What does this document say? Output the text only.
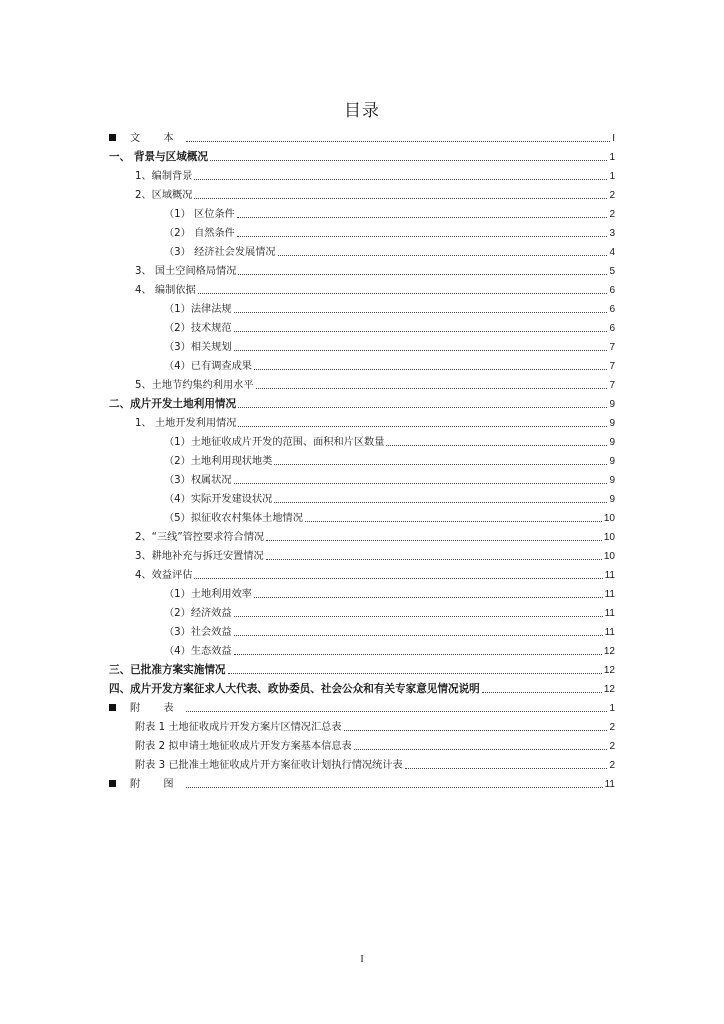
目录
文 本	I
一、 背景与区域概况	1
1、编制背景	1
2、区域概况	2
（1） 区位条件	2
（2） 自然条件	3
（3） 经济社会发展情况	4
3、 国土空间格局情况	5
4、 编制依据	6
（1）法律法规	6
（2）技术规范	6
（3）相关规划	7
（4）已有调查成果	7
5、土地节约集约利用水平	7
二、成片开发土地利用情况	9
1、 土地开发利用情况	9
（1）土地征收成片开发的范围、面积和片区数量	9
（2）土地利用现状地类	9
（3）权属状况	9
（4）实际开发建设状况	9
（5）拟征收农村集体土地情况	10
2、“三线”管控要求符合情况	10
3、耕地补充与拆迁安置情况	10
4、效益评估	11
（1）土地利用效率	11
（2）经济效益	11
（3）社会效益	11
（4）生态效益	12
三、已批准方案实施情况	12
四、成片开发方案征求人大代表、政协委员、社会公众和有关专家意见情况说明	12
附 表	1
附表 1 土地征收成片开发方案片区情况汇总表	2
附表 2 拟申请土地征收成片开发方案基本信息表	2
附表 3 已批准土地征收成片开方案征收计划执行情况统计表	2
附 图	11
I
